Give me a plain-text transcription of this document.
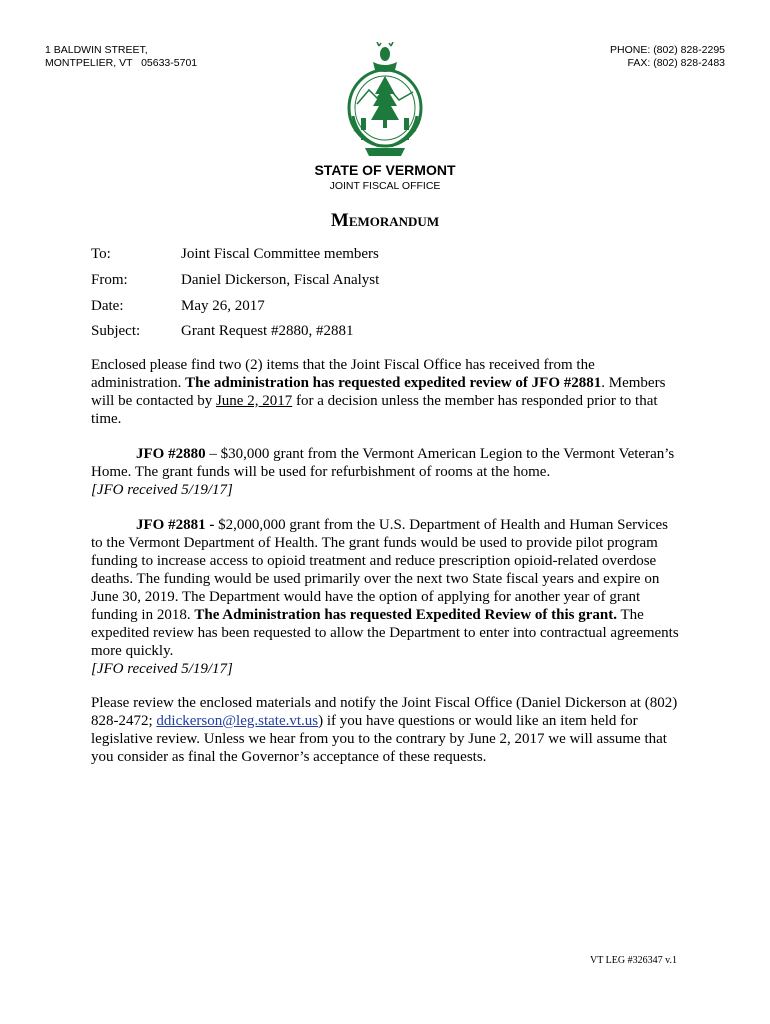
1 BALDWIN STREET,
MONTPELIER, VT   05633-5701
PHONE: (802) 828-2295
FAX: (802) 828-2483
STATE OF VERMONT
JOINT FISCAL OFFICE
Memorandum
To:	Joint Fiscal Committee members
From:	Daniel Dickerson, Fiscal Analyst
Date:	May 26, 2017
Subject:	Grant Request #2880, #2881
Enclosed please find two (2) items that the Joint Fiscal Office has received from the administration. The administration has requested expedited review of JFO #2881. Members will be contacted by June 2, 2017 for a decision unless the member has responded prior to that time.
JFO #2880 – $30,000 grant from the Vermont American Legion to the Vermont Veteran’s Home. The grant funds will be used for refurbishment of rooms at the home.
[JFO received 5/19/17]
JFO #2881 - $2,000,000 grant from the U.S. Department of Health and Human Services to the Vermont Department of Health. The grant funds would be used to provide pilot program funding to increase access to opioid treatment and reduce prescription opioid-related overdose deaths. The funding would be used primarily over the next two State fiscal years and expire on June 30, 2019. The Department would have the option of applying for another year of grant funding in 2018. The Administration has requested Expedited Review of this grant. The expedited review has been requested to allow the Department to enter into contractual agreements more quickly.
[JFO received 5/19/17]
Please review the enclosed materials and notify the Joint Fiscal Office (Daniel Dickerson at (802) 828-2472; ddickerson@leg.state.vt.us) if you have questions or would like an item held for legislative review. Unless we hear from you to the contrary by June 2, 2017 we will assume that you consider as final the Governor’s acceptance of these requests.
VT LEG #326347 v.1
